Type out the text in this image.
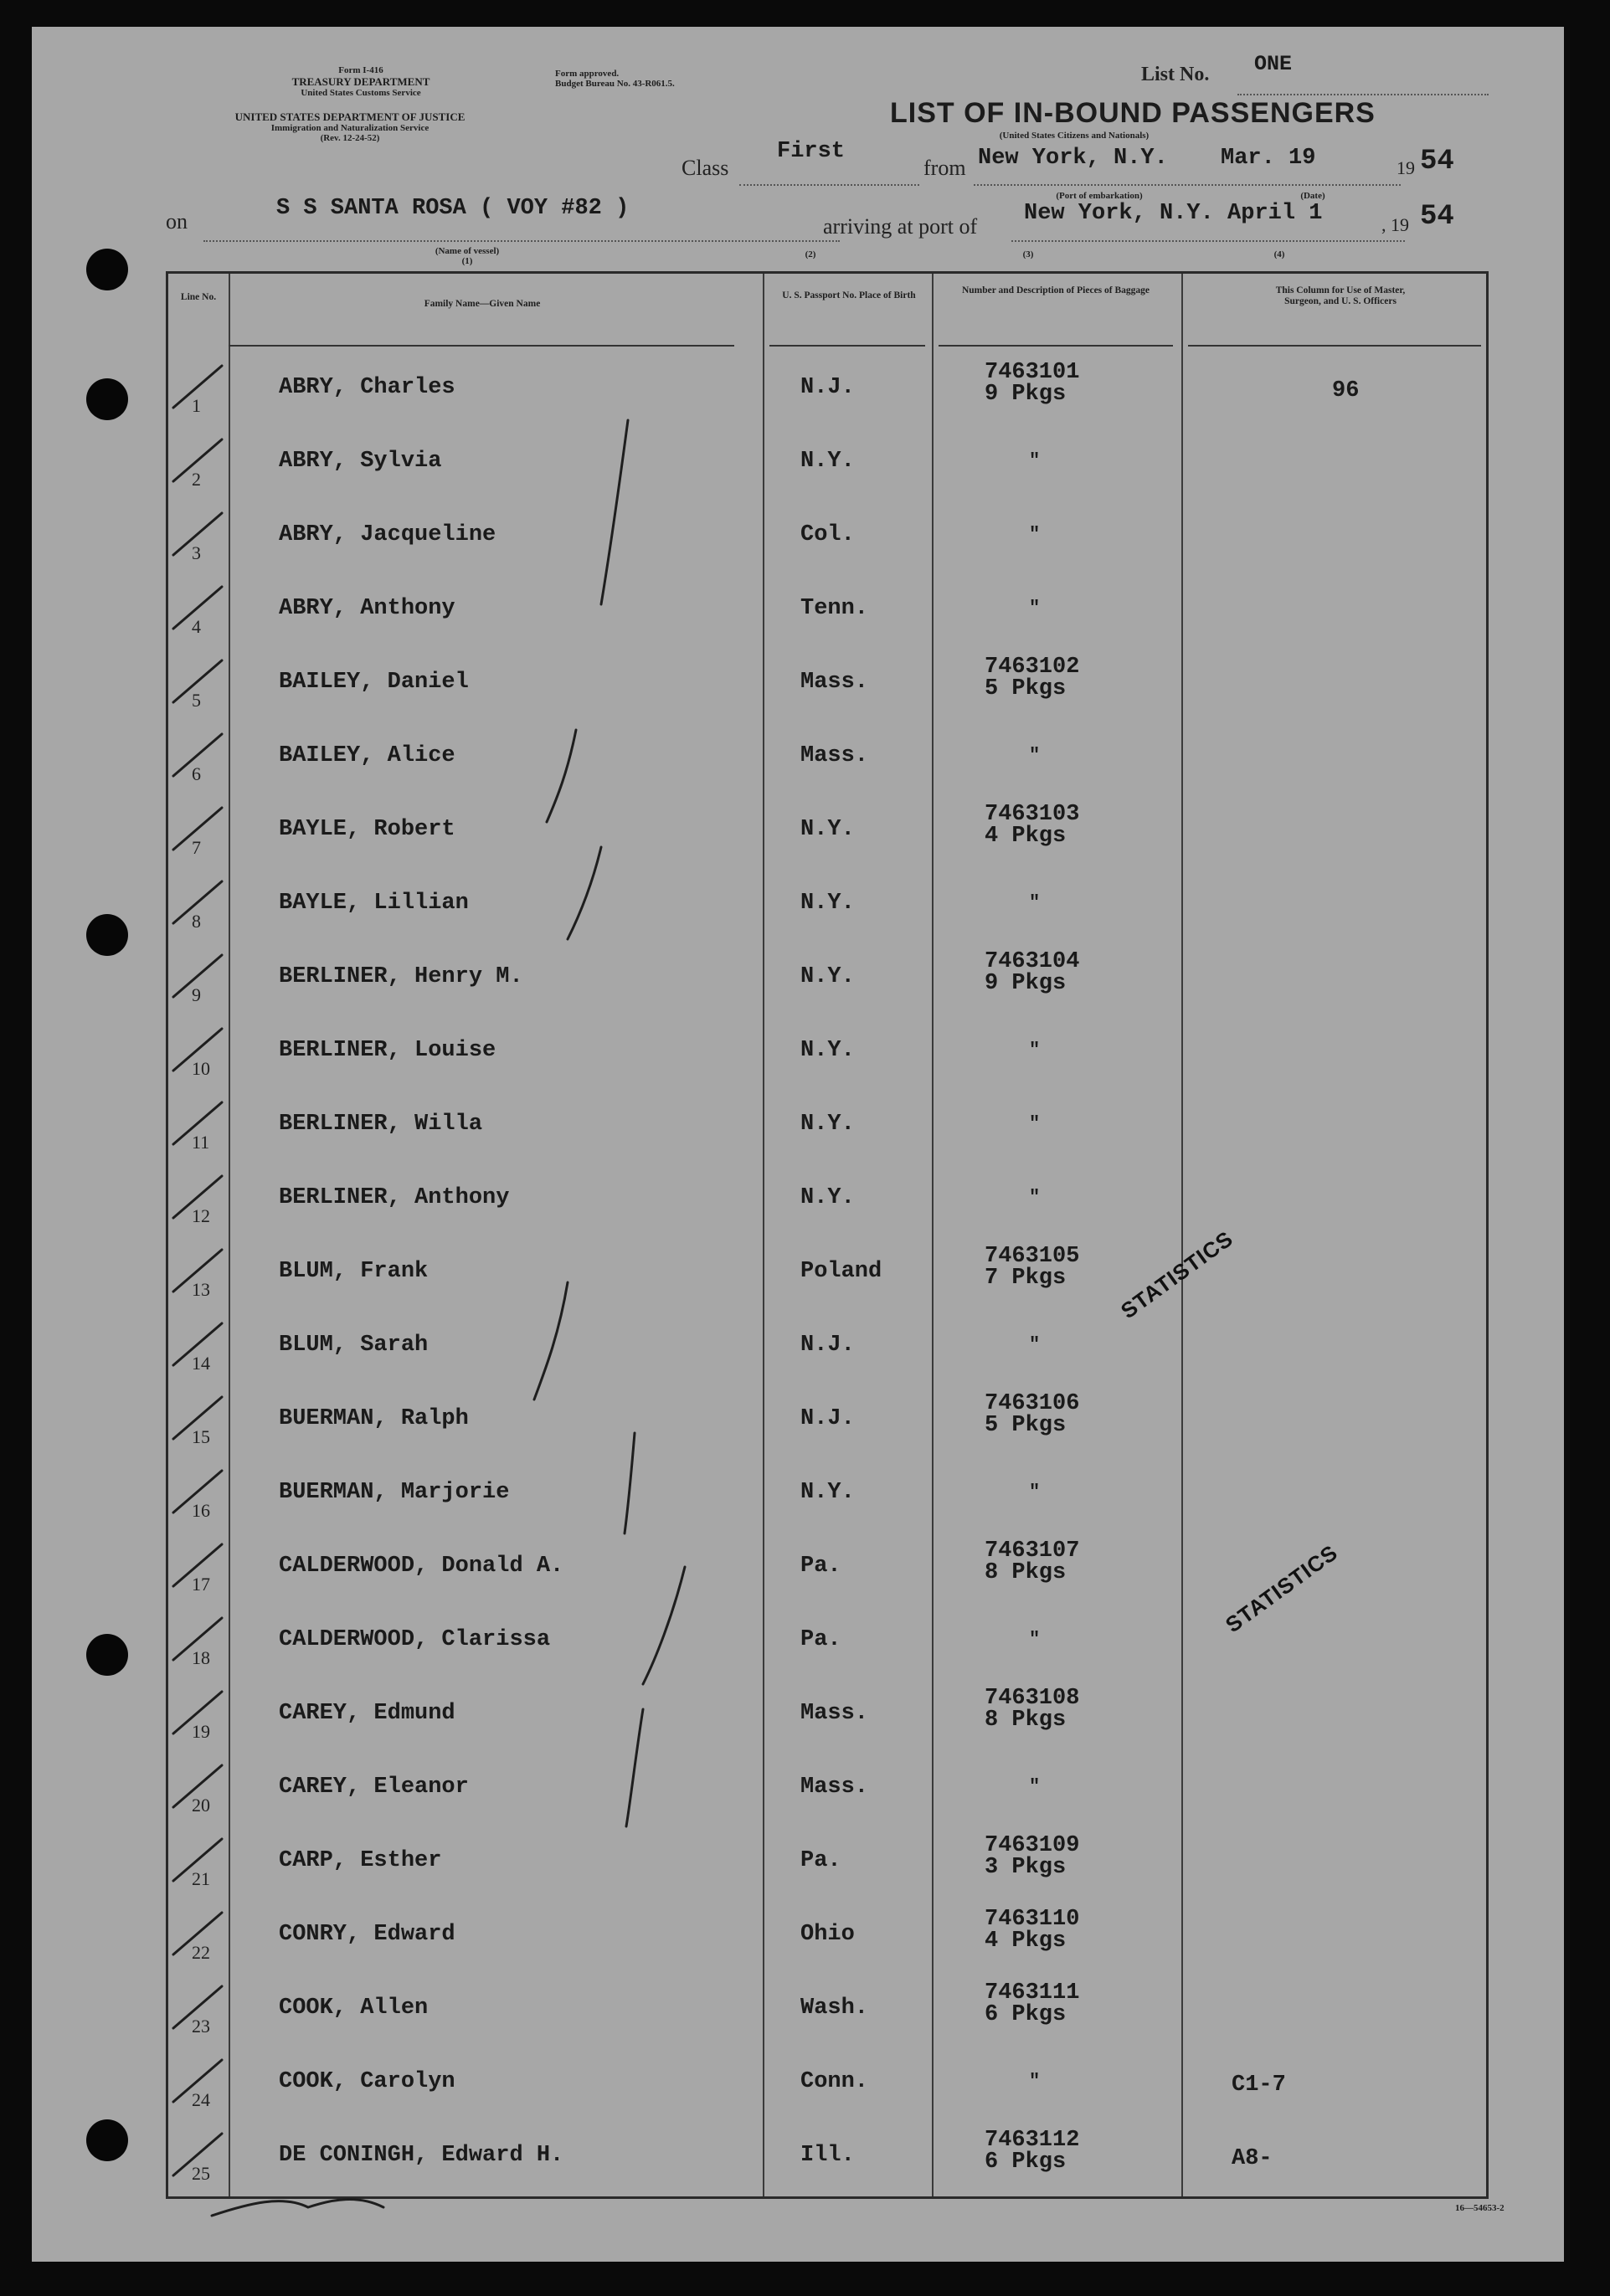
Form I-416
TREASURY DEPARTMENT
United States Customs Service
UNITED STATES DEPARTMENT OF JUSTICE
Immigration and Naturalization Service
(Rev. 12-24-52)
Form approved.
Budget Bureau No. 43-R061.5.	List No. ONE
LIST OF IN-BOUND PASSENGERS
(United States Citizens and Nationals)
Class
First
from New York, N.Y. Mar. 19	19 54
(Port of embarkation)	(Date)
on
S S SANTA ROSA ( VOY #82 )
(Name of vessel)
(1)
arriving at port of
New York, N.Y. April 1	, 19 54
(2)	(3)	(4)
Line No.
Family Name—Given Name
U. S. Passport No. Place of Birth	Number and Description of Pieces of Baggage	This Column for Use of Master, Surgeon, and U. S. Officers
1
ABRY, Charles	N.J.
7463101
9 Pkgs	96
2
ABRY, Sylvia	N.Y.	"
3
ABRY, Jacqueline	Col.	"
4
ABRY, Anthony	Tenn.	"
5
BAILEY, Daniel	Mass.
7463102
5 Pkgs
6
BAILEY, Alice	Mass.	"
7
BAYLE, Robert	N.Y.
7463103
4 Pkgs
8
BAYLE, Lillian	N.Y.	"
9
BERLINER, Henry M.	N.Y.
7463104
9 Pkgs
10
BERLINER, Louise	N.Y.	"
11
BERLINER, Willa	N.Y.	"
12
BERLINER, Anthony	N.Y.	"
13
BLUM, Frank	Poland
7463105
7 Pkgs
14
BLUM, Sarah	N.J.	"
15
BUERMAN, Ralph	N.J.
7463106
5 Pkgs
16
BUERMAN, Marjorie	N.Y.	"
17
CALDERWOOD, Donald A.	Pa.
7463107
8 Pkgs
18
CALDERWOOD, Clarissa	Pa.	"
19
CAREY, Edmund	Mass.
7463108
8 Pkgs
20
CAREY, Eleanor	Mass.	"
21
CARP, Esther	Pa.
7463109
3 Pkgs
22
CONRY, Edward	Ohio
7463110
4 Pkgs
23
COOK, Allen	Wash.
7463111
6 Pkgs
24
COOK, Carolyn	Conn.	"	C1-7
25
DE CONINGH, Edward H.	Ill.
7463112
6 Pkgs	A8-
STATISTICS
STATISTICS
16—54653-2
